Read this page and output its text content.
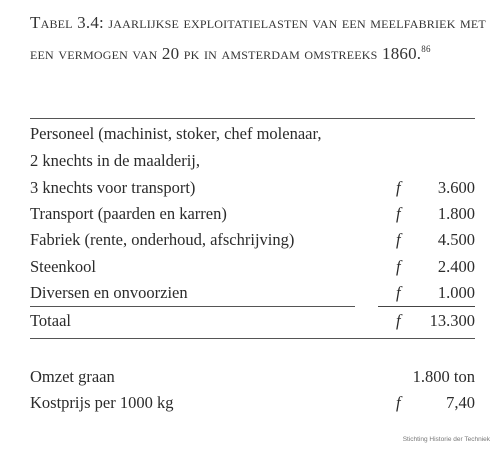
Tabel 3.4: jaarlijkse exploitatielasten van een meelfabriek met een vermogen van 20 pk in amsterdam omstreeks 1860.86
Personeel (machinist, stoker, chef molenaar,
2 knechts in de maalderij,
3 knechts voor transport)	f 3.600
Transport (paarden en karren)	f 1.800
Fabriek (rente, onderhoud, afschrijving)	f 4.500
Steenkool	f 2.400
Diversen en onvoorzien	f 1.000
Totaal	f 13.300
Omzet graan	1.800 ton
Kostprijs per 1000 kg	f	7,40
Stichting Historie der Techniek
